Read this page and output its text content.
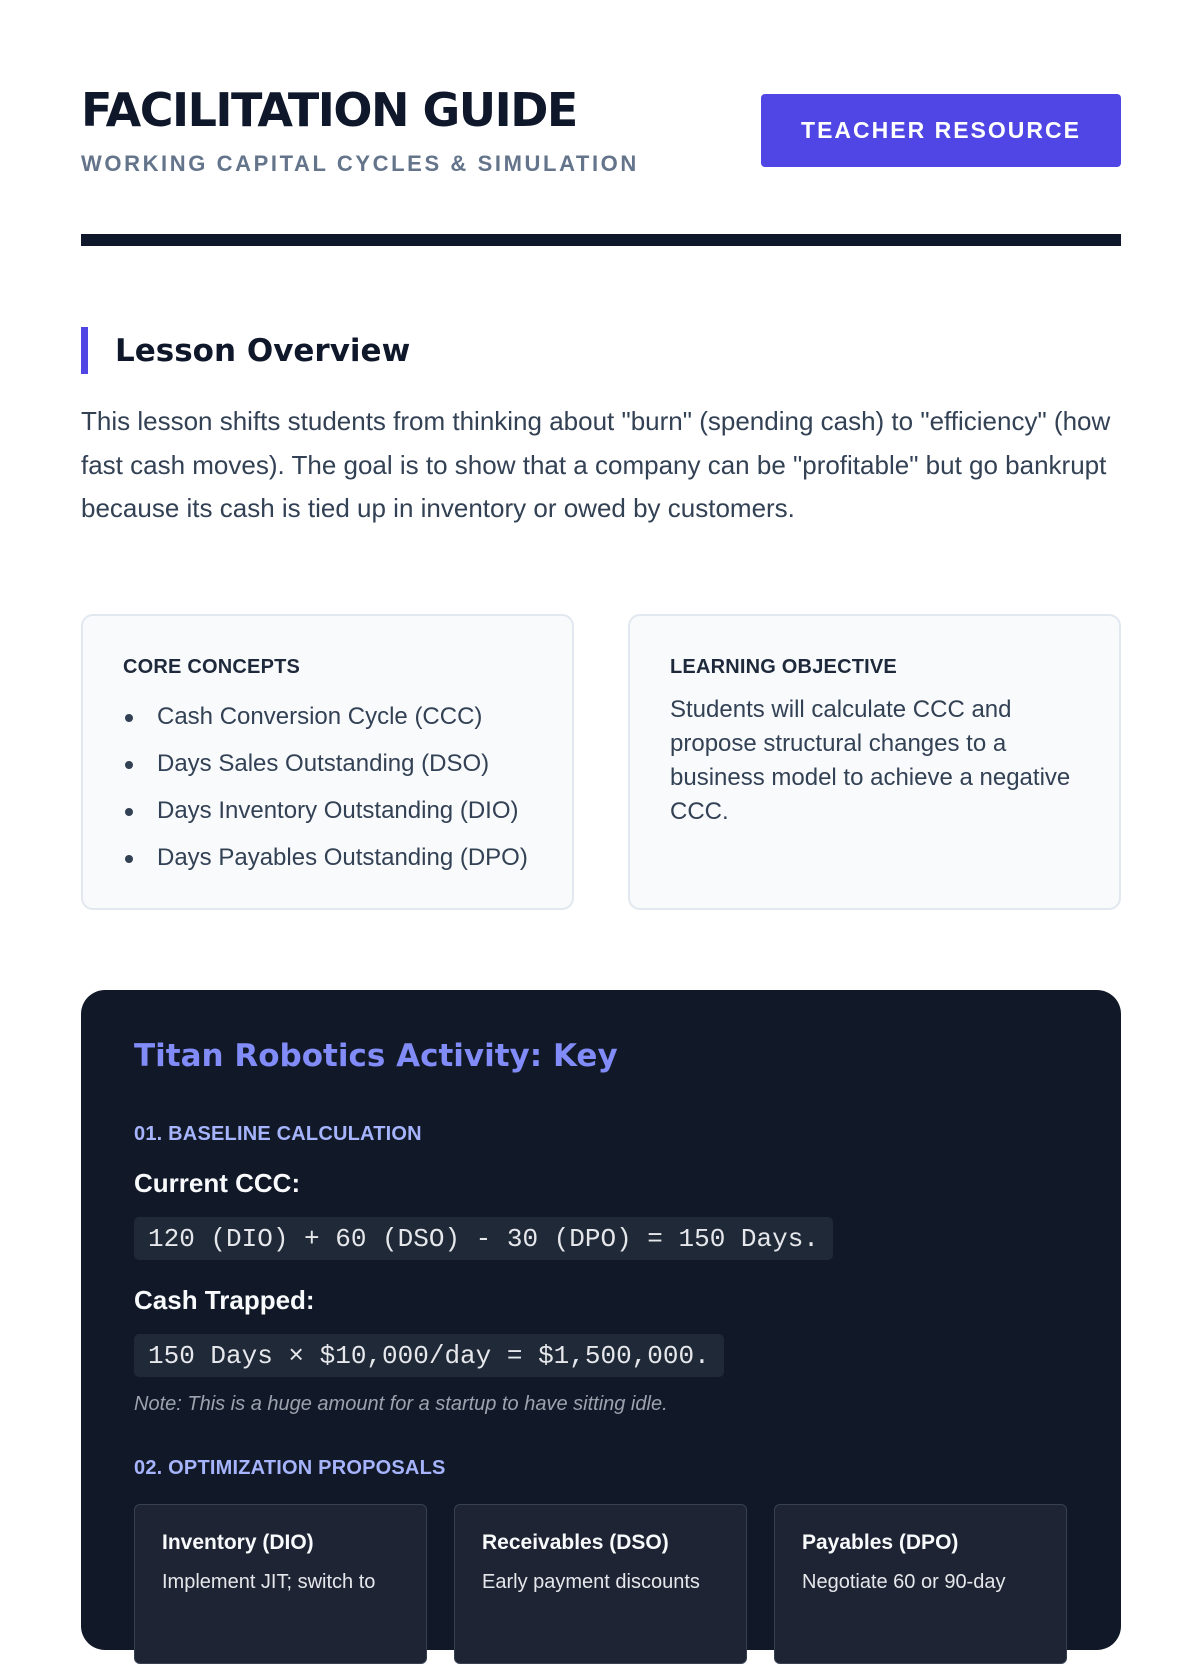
FACILITATION GUIDE
WORKING CAPITAL CYCLES & SIMULATION
TEACHER RESOURCE
Lesson Overview

This lesson shifts students from thinking about "burn" (spending cash) to "efficiency" (how fast cash moves). The goal is to show that a company can be "profitable" but go bankrupt because its cash is tied up in inventory or owed by customers.

CORE CONCEPTS
Cash Conversion Cycle (CCC)
Days Sales Outstanding (DSO)
Days Inventory Outstanding (DIO)
Days Payables Outstanding (DPO)
LEARNING OBJECTIVE

Students will calculate CCC and propose structural changes to a business model to achieve a negative CCC.

Titan Robotics Activity: Key
01. BASELINE CALCULATION
Current CCC:
120 (DIO) + 60 (DSO) - 30 (DPO) = 150 Days.
Cash Trapped:
150 Days × $10,000/day = $1,500,000.
Note: This is a huge amount for a startup to have sitting idle.
02. OPTIMIZATION PROPOSALS
Inventory (DIO)

Implement JIT; switch to

Receivables (DSO)

Early payment discounts

Payables (DPO)

Negotiate 60 or 90-day
